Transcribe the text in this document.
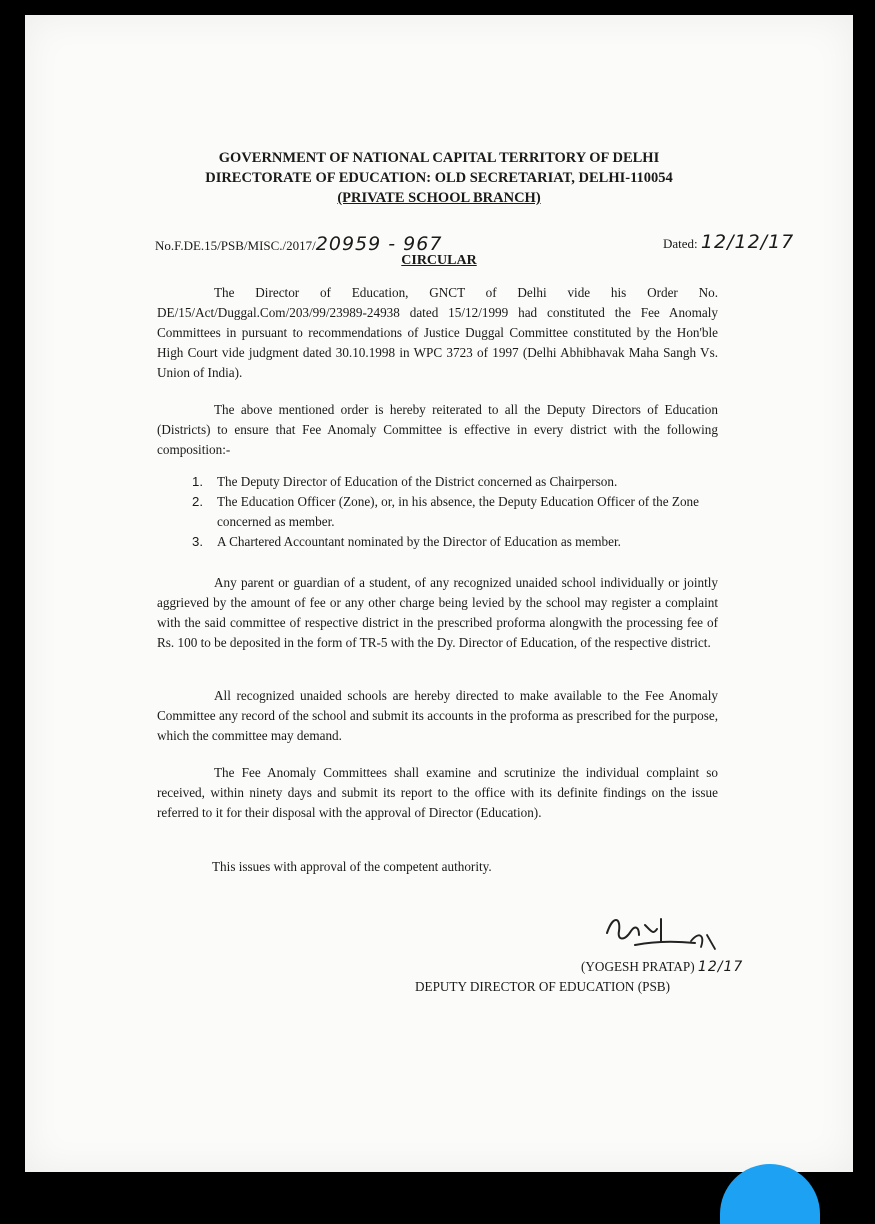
GOVERNMENT OF NATIONAL CAPITAL TERRITORY OF DELHI
DIRECTORATE OF EDUCATION: OLD SECRETARIAT, DELHI-110054
(PRIVATE SCHOOL BRANCH)
No.F.DE.15/PSB/MISC./2017/20959 - 967	Dated: 12/12/17
CIRCULAR
The Director of Education, GNCT of Delhi vide his Order No. DE/15/Act/Duggal.Com/203/99/23989-24938 dated 15/12/1999 had constituted the Fee Anomaly Committees in pursuant to recommendations of Justice Duggal Committee constituted by the Hon'ble High Court vide judgment dated 30.10.1998 in WPC 3723 of 1997 (Delhi Abhibhavak Maha Sangh Vs. Union of India).
The above mentioned order is hereby reiterated to all the Deputy Directors of Education (Districts) to ensure that Fee Anomaly Committee is effective in every district with the following composition:-
1.	The Deputy Director of Education of the District concerned as Chairperson.
2.	The Education Officer (Zone), or, in his absence, the Deputy Education Officer of the Zone concerned as member.
3.	A Chartered Accountant nominated by the Director of Education as member.
Any parent or guardian of a student, of any recognized unaided school individually or jointly aggrieved by the amount of fee or any other charge being levied by the school may register a complaint with the said committee of respective district in the prescribed proforma alongwith the processing fee of Rs. 100 to be deposited in the form of TR-5 with the Dy. Director of Education, of the respective district.
All recognized unaided schools are hereby directed to make available to the Fee Anomaly Committee any record of the school and submit its accounts in the proforma as prescribed for the purpose, which the committee may demand.
The Fee Anomaly Committees shall examine and scrutinize the individual complaint so received, within ninety days and submit its report to the office with its definite findings on the issue referred to it for their disposal with the approval of Director (Education).
This issues with approval of the competent authority.
(YOGESH PRATAP) 12/17
DEPUTY DIRECTOR OF EDUCATION (PSB)
